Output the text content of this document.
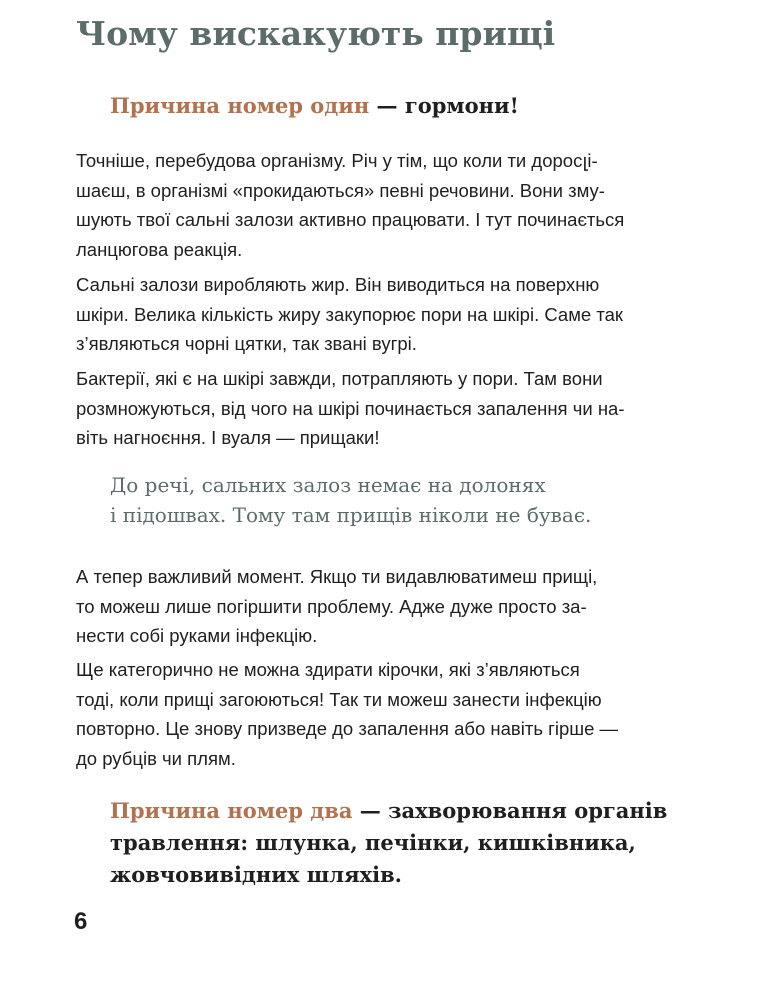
Чому вискакують прищі
Причина номер один — гормони!

Точніше, перебудова організму. Річ у тім, що коли ти доросլі-
шаєш, в організмі «прокидаються» певні речовини. Вони зму-
шують твої сальні залози активно працювати. І тут починається
ланцюгова реакція.

Сальні залози виробляють жир. Він виводиться на поверхню
шкіри. Велика кількість жиру закупорює пори на шкірі. Саме так
з’являються чорні цятки, так звані вугрі.

Бактерії, які є на шкірі завжди, потрапляють у пори. Там вони
розмножуються, від чого на шкірі починається запалення чи на-
віть нагноєння. І вуаля — прищаки!

До речі, сальних залоз немає на долонях
і підошвах. Тому там прищів ніколи не буває.

А тепер важливий момент. Якщо ти видавлюватимеш прищі,
то можеш лише погіршити проблему. Адже дуже просто за-
нести собі руками інфекцію.

Ще категорично не можна здирати кірочки, які з’являються
тоді, коли прищі загоюються! Так ти можеш занести інфекцію
повторно. Це знову призведе до запалення або навіть гірше —
до рубців чи плям.

Причина номер два — захворювання органів
травлення: шлунка, печінки, кишківника,
жовчовивідних шляхів.
6
